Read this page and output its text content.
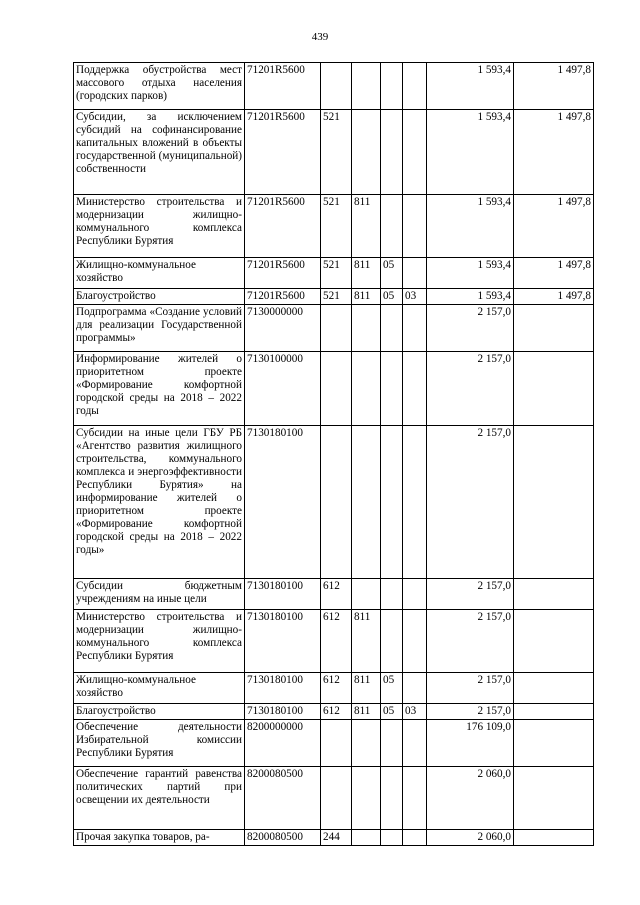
439
Поддержка обустройства мест массового отдыха населения (городских парков)	71201R5600					1 593,4	1 497,8
Субсидии, за исключением субсидий на софинансирование капитальных вложений в объекты государственной (муниципальной) собственности	71201R5600	521				1 593,4	1 497,8
Министерство строительства и модернизации жилищно-коммунального комплекса Республики Бурятия	71201R5600	521	811			1 593,4	1 497,8
Жилищно-коммунальное хозяйство	71201R5600	521	811	05		1 593,4	1 497,8
Благоустройство	71201R5600	521	811	05	03	1 593,4	1 497,8
Подпрограмма «Создание условий для реализации Государственной программы»	7130000000					2 157,0	
Информирование жителей о приоритетном проекте «Формирование комфортной городской среды на 2018 – 2022 годы	7130100000					2 157,0	
Субсидии на иные цели ГБУ РБ «Агентство развития жилищного строительства, коммунального комплекса и энергоэффективности Республики Бурятия» на информирование жителей о приоритетном проекте «Формирование комфортной городской среды на 2018 – 2022 годы»	7130180100					2 157,0	
Субсидии бюджетным учреждениям на иные цели	7130180100	612				2 157,0	
Министерство строительства и модернизации жилищно-коммунального комплекса Республики Бурятия	7130180100	612	811			2 157,0	
Жилищно-коммунальное хозяйство	7130180100	612	811	05		2 157,0	
Благоустройство	7130180100	612	811	05	03	2 157,0	
Обеспечение деятельности Избирательной комиссии Республики Бурятия	8200000000					176 109,0	
Обеспечение гарантий равенства политических партий при освещении их деятельности	8200080500					2 060,0	
Прочая закупка товаров, ра-	8200080500	244				2 060,0	
